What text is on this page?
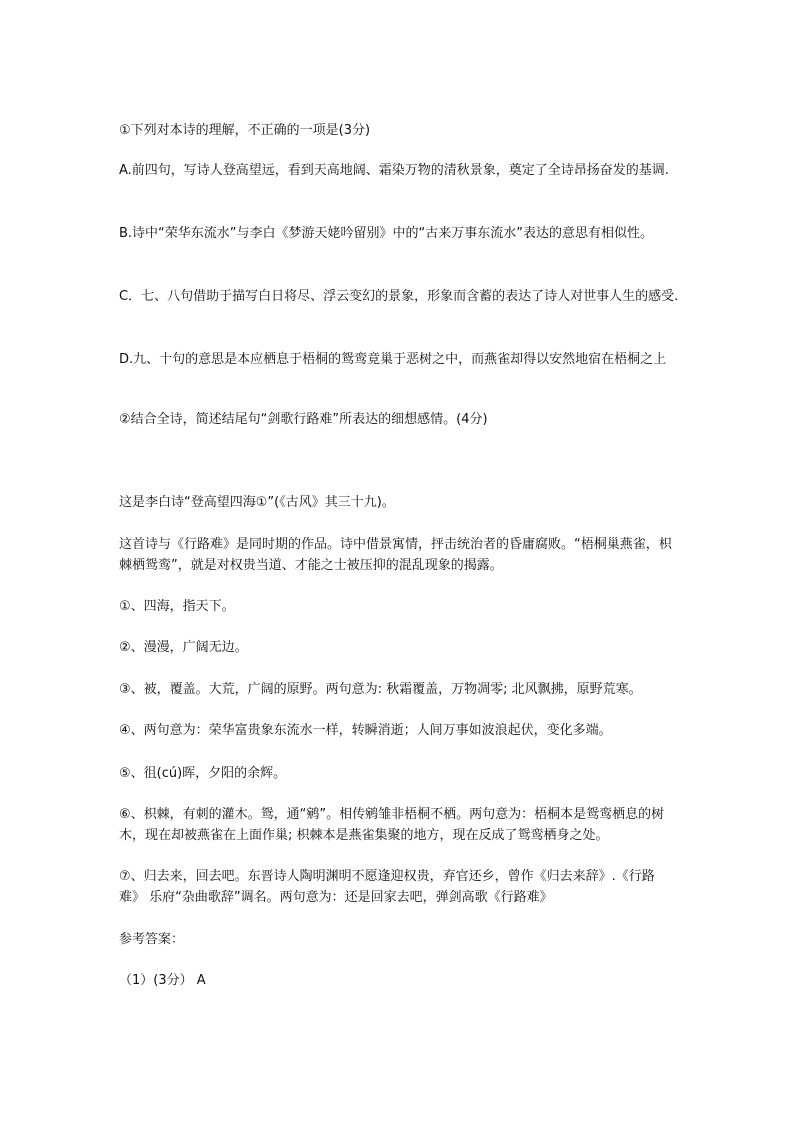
①下列对本诗的理解，不正确的一项是(3分)
A.前四句，写诗人登高望远，看到天高地阔、霜染万物的清秋景象，奠定了全诗昂扬奋发的基调.
B.诗中“荣华东流水”与李白《梦游天姥吟留别》中的“古来万事东流水”表达的意思有相似性。
C．七、八句借助于描写白日将尽、浮云变幻的景象，形象而含蓄的表达了诗人对世事人生的感受.
D.九、十句的意思是本应栖息于梧桐的鸳鸾竟巢于恶树之中，而燕雀却得以安然地宿在梧桐之上
②结合全诗，简述结尾句“剑歌行路难”所表达的细想感情。(4分)
这是李白诗“登高望四海①”(《古风》其三十九)。
这首诗与《行路难》是同时期的作品。诗中借景寓情，抨击统治者的昏庸腐败。“梧桐巢燕雀，枳棘栖鸳鸾”，就是对权贵当道、才能之士被压抑的混乱现象的揭露。
①、四海，指天下。
②、漫漫，广阔无边。
③、被，覆盖。大荒，广阔的原野。两句意为: 秋霜覆盖，万物凋零; 北风飘拂，原野荒寒。
④、两句意为：荣华富贵象东流水一样，转瞬消逝；人间万事如波浪起伏，变化多端。
⑤、徂(cú)晖，夕阳的余辉。
⑥、枳棘，有刺的灌木。鸳，通“鹓”。相传鹓雏非梧桐不栖。两句意为：梧桐本是鸳鸾栖息的树木，现在却被燕雀在上面作巢; 枳棘本是燕雀集聚的地方，现在反成了鸳鸾栖身之处。
⑦、归去来，回去吧。东晋诗人陶明渊明不愿逢迎权贵，弃官还乡，曾作《归去来辞》.《行路难》 乐府“杂曲歌辞”调名。两句意为：还是回家去吧，弹剑高歌《行路难》
参考答案：
（1）(3分） A
